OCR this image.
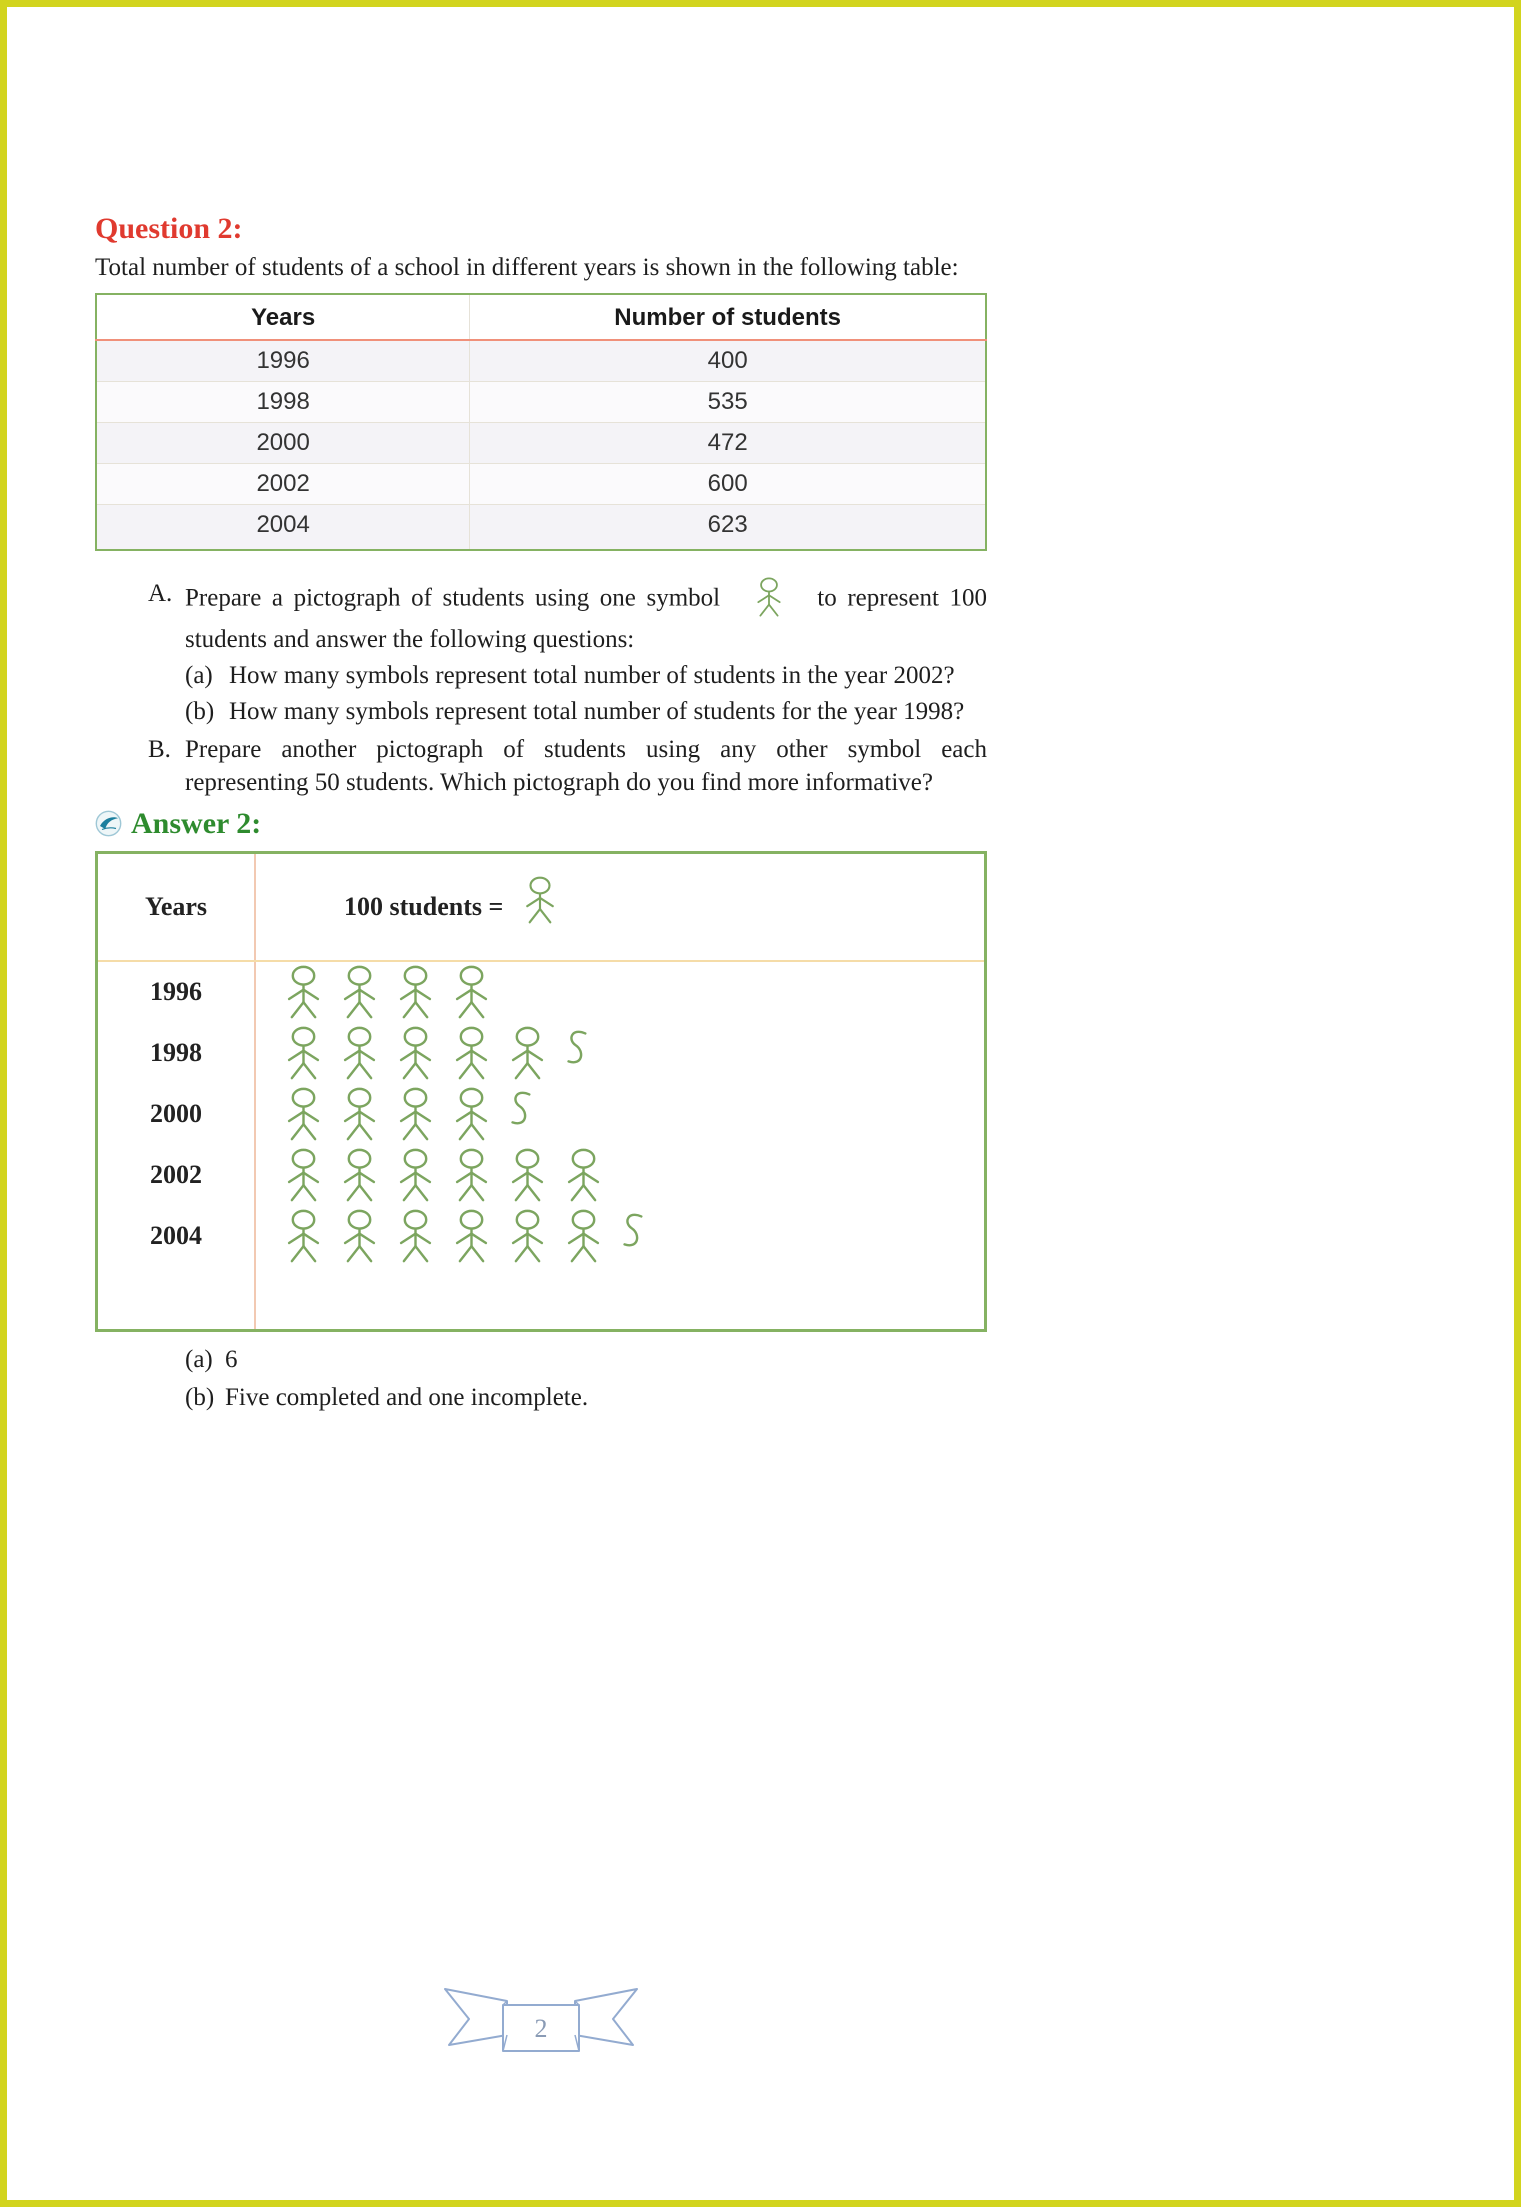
Question 2:

Total number of students of a school in different years is shown in the following table:

Years	Number of students
1996	400
1998	535
2000	472
2002	600
2004	623
A. Prepare a pictograph of students using one symbol	to represent 100 students and answer the following questions:
(a) How many symbols represent total number of students in the year 2002?
(b) How many symbols represent total number of students for the year 1998?
B. Prepare another pictograph of students using any other symbol each representing 50 students. Which pictograph do you find more informative?
Answer 2:
Years	100 students =
1996
1998
2000
2002
2004
(a) 6
(b) Five completed and one incomplete.
2
